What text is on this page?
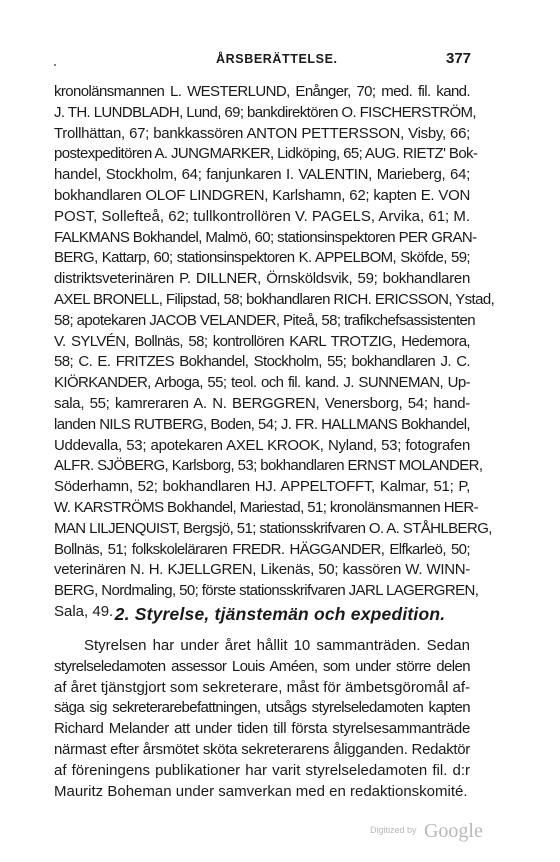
ÅRSBERÄTTELSE.	377
kronolänsmannen L. WESTERLUND, Enånger, 70; med. fil. kand.
J. TH. LUNDBLADH, Lund, 69; bankdirektören O. FISCHERSTRÖM,
Trollhättan, 67; bankkassören ANTON PETTERSSON, Visby, 66;
postexpeditören A. JUNGMARKER, Lidköping, 65; AUG. RIETZ' Bok-
handel, Stockholm, 64; fanjunkaren I. VALENTIN, Marieberg, 64;
bokhandlaren OLOF LINDGREN, Karlshamn, 62; kapten E. VON
POST, Sollefteå, 62; tullkontrollören V. PAGELS, Arvika, 61; M.
FALKMANS Bokhandel, Malmö, 60; stationsinspektoren PER GRAN-
BERG, Kattarp, 60; stationsinspektoren K. APPELBOM, Sköfde, 59;
distriktsveterinären P. DILLNER, Örnsköldsvik, 59; bokhandlaren
AXEL BRONELL, Filipstad, 58; bokhandlaren RICH. ERICSSON, Ystad,
58; apotekaren JACOB VELANDER, Piteå, 58; trafikchefsassistenten
V. SYLVÉN, Bollnäs, 58; kontrollören KARL TROTZIG, Hedemora,
58; C. E. FRITZES Bokhandel, Stockholm, 55; bokhandlaren J. C.
KIÖRKANDER, Arboga, 55; teol. och fil. kand. J. SUNNEMAN, Up-
sala, 55; kamreraren A. N. BERGGREN, Venersborg, 54; hand-
landen NILS RUTBERG, Boden, 54; J. FR. HALLMANS Bokhandel,
Uddevalla, 53; apotekaren AXEL KROOK, Nyland, 53; fotografen
ALFR. SJÖBERG, Karlsborg, 53; bokhandlaren ERNST MOLANDER,
Söderhamn, 52; bokhandlaren HJ. APPELTOFFT, Kalmar, 51; P,
W. KARSTRÖMS Bokhandel, Mariestad, 51; kronolänsmannen HER-
MAN LILJENQUIST, Bergsjö, 51; stationsskrifvaren O. A. STÅHLBERG,
Bollnäs, 51; folkskoleläraren FREDR. HÄGGANDER, Elfkarleö, 50;
veterinären N. H. KJELLGREN, Likenäs, 50; kassören W. WINN-
BERG, Nordmaling, 50; förste stationsskrifvaren JARL LAGERGREN,
Sala, 49. 2. Styrelse, tjänstemän och expedition.
Styrelsen har under året hållit 10 sammanträden. Sedan
styrelseledamoten assessor Louis Améen, som under större delen
af året tjänstgjort som sekreterare, måst för ämbetsgöromål af-
säga sig sekreterarebefattningen, utsågs styrelseledamoten kapten
Richard Melander att under tiden till första styrelsesammanträde
närmast efter årsmötet sköta sekreterarens åligganden. Redaktör
af föreningens publikationer har varit styrelseledamoten fil. d:r
Mauritz Boheman under samverkan med en redaktionskomité.
$^{Digitized by}$ Google
